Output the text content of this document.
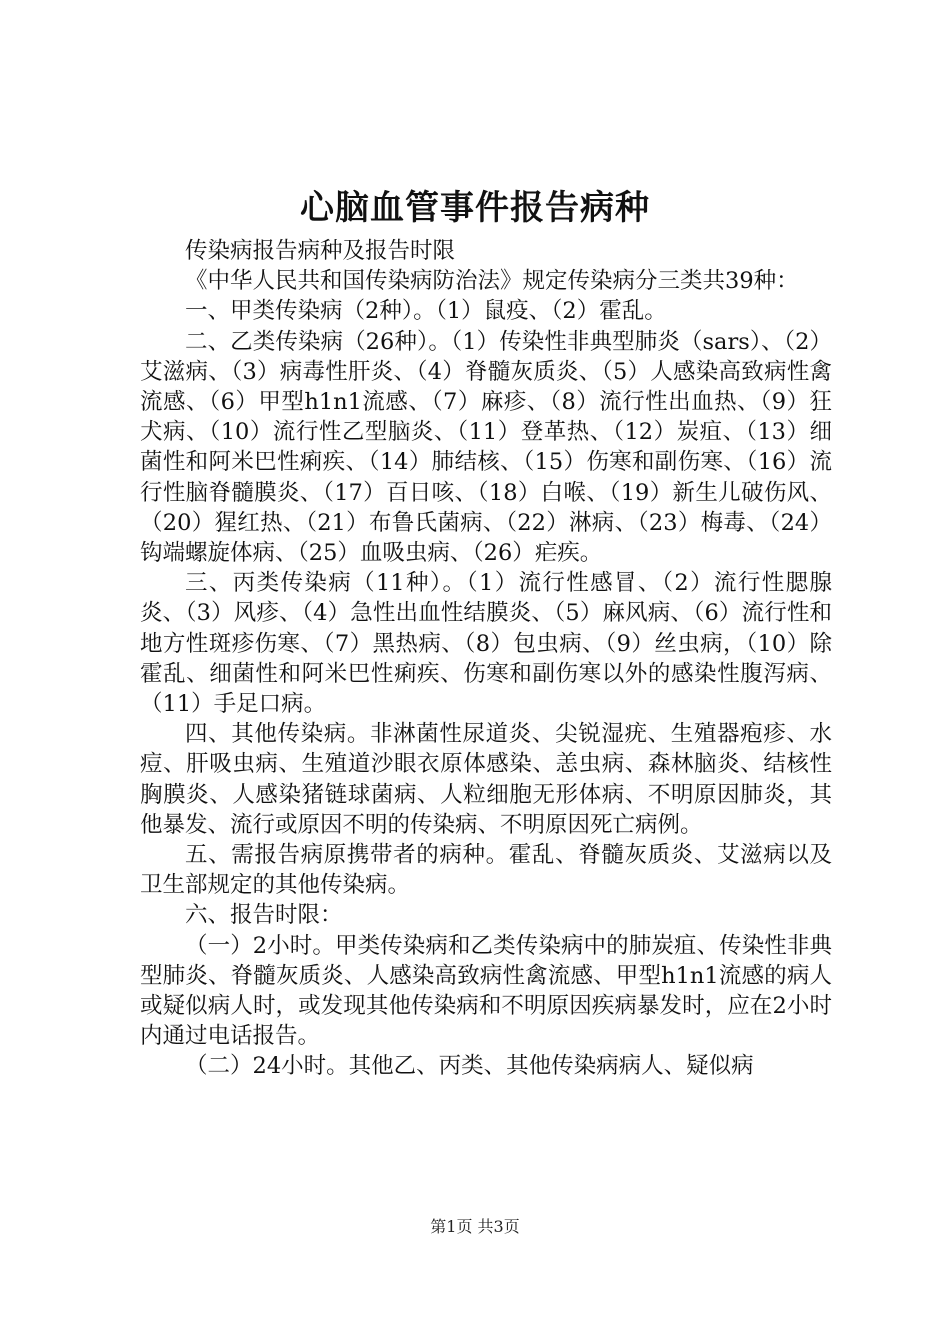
心脑血管事件报告病种

传染病报告病种及报告时限

《中华人民共和国传染病防治法》规定传染病分三类共39种：

一、甲类传染病（2种）。（1）鼠疫、（2）霍乱。

二、乙类传染病（26种）。（1）传染性非典型肺炎（sars）、（2）艾滋病、（3）病毒性肝炎、（4）脊髓灰质炎、（5）人感染高致病性禽流感、（6）甲型h1n1流感、（7）麻疹、（8）流行性出血热、（9）狂犬病、（10）流行性乙型脑炎、（11）登革热、（12）炭疽、（13）细菌性和阿米巴性痢疾、（14）肺结核、（15）伤寒和副伤寒、（16）流行性脑脊髓膜炎、（17）百日咳、（18）白喉、（19）新生儿破伤风、（20）猩红热、（21）布鲁氏菌病、（22）淋病、（23）梅毒、（24）钩端螺旋体病、（25）血吸虫病、（26）疟疾。

三、丙类传染病（11种）。（1）流行性感冒、（2）流行性腮腺炎、（3）风疹、（4）急性出血性结膜炎、（5）麻风病、（6）流行性和地方性斑疹伤寒、（7）黑热病、（8）包虫病、（9）丝虫病，（10）除霍乱、细菌性和阿米巴性痢疾、伤寒和副伤寒以外的感染性腹泻病、（11）手足口病。

四、其他传染病。非淋菌性尿道炎、尖锐湿疣、生殖器疱疹、水痘、肝吸虫病、生殖道沙眼衣原体感染、恙虫病、森林脑炎、结核性胸膜炎、人感染猪链球菌病、人粒细胞无形体病、不明原因肺炎，其他暴发、流行或原因不明的传染病、不明原因死亡病例。

五、需报告病原携带者的病种。霍乱、脊髓灰质炎、艾滋病以及卫生部规定的其他传染病。

六、报告时限：

（一）2小时。甲类传染病和乙类传染病中的肺炭疽、传染性非典型肺炎、脊髓灰质炎、人感染高致病性禽流感、甲型h1n1流感的病人或疑似病人时，或发现其他传染病和不明原因疾病暴发时，应在2小时内通过电话报告。

（二）24小时。其他乙、丙类、其他传染病病人、疑似病

第1页 共3页
